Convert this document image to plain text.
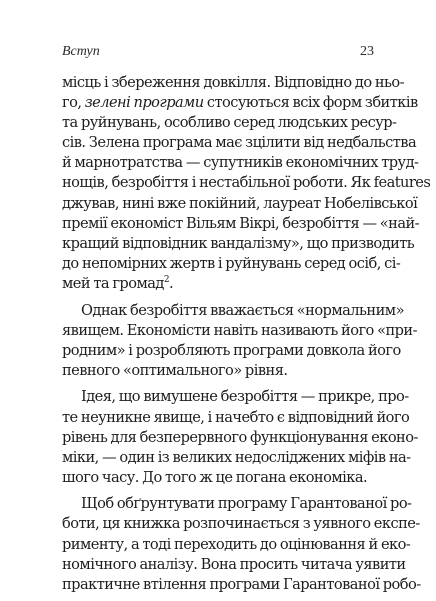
Вступ	23
місць і збереження довкілля. Відповідно до ньо-
го, зелені програми стосуються всіх форм збитків
та руйнувань, особливо серед людських ресур-
сів. Зелена програма має зцілити від недбальства
й марнотратства — супутників економічних труд-
нощів, безробіття і нестабільної роботи. Як features
джував, нині вже покійний, лауреат Нобелівської
премії економіст Вільям Вікрі, безробіття — «най-
кращий відповідник вандалізму», що призводить
до непомірних жертв і руйнувань серед осіб, сі-
мей та громад$^2$.
Однак безробіття вважається «нормальним»
явищем. Економісти навіть називають його «при-
родним» і розробляють програми довкола його
певного «оптимального» рівня.
Ідея, що вимушене безробіття — прикре, про-
те неуникне явище, і начебто є відповідний його
рівень для безперервного функціонування еконо-
міки, — один із великих недосліджених міфів на-
шого часу. До того ж це погана економіка.
Щоб обґрунтувати програму Гарантованої ро-
боти, ця книжка розпочинається з уявного експе-
рименту, а тоді переходить до оцінювання й еко-
номічного аналізу. Вона просить читача уявити
практичне втілення програми Гарантованої робо-
